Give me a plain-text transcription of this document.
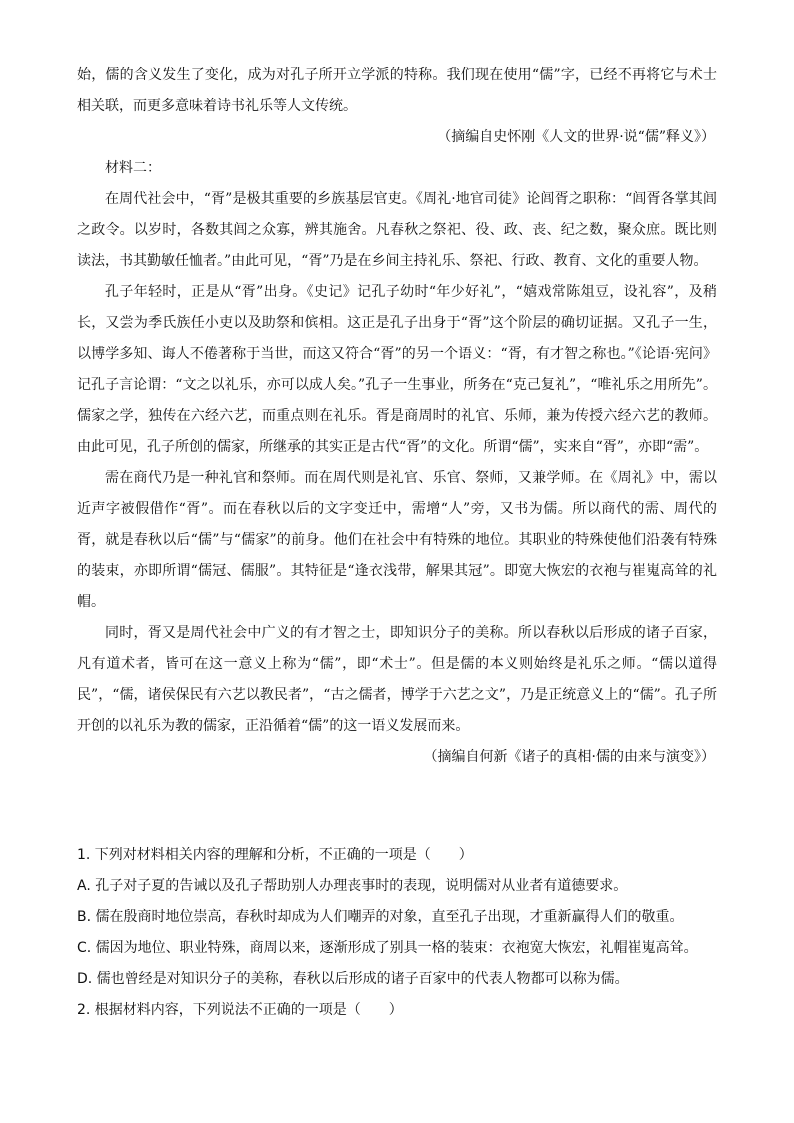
始，儒的含义发生了变化，成为对孔子所开立学派的特称。我们现在使用“儒”字，已经不再将它与术士相关联，而更多意味着诗书礼乐等人文传统。

（摘编自史怀刚《人文的世界·说“儒”释义》）

材料二：

在周代社会中，“胥”是极其重要的乡族基层官吏。《周礼·地官司徒》论闾胥之职称：“闾胥各掌其闾之政令。以岁时，各数其闾之众寡，辨其施舍。凡春秋之祭祀、役、政、丧、纪之数，聚众庶。既比则读法，书其勤敏任恤者。”由此可见，“胥”乃是在乡间主持礼乐、祭祀、行政、教育、文化的重要人物。

孔子年轻时，正是从“胥”出身。《史记》记孔子幼时“年少好礼”，“嬉戏常陈俎豆，设礼容”，及稍长，又尝为季氏族任小吏以及助祭和傧相。这正是孔子出身于“胥”这个阶层的确切证据。又孔子一生，以博学多知、诲人不倦著称于当世，而这又符合“胥”的另一个语义：“胥，有才智之称也。”《论语·宪问》记孔子言论谓：“文之以礼乐，亦可以成人矣。”孔子一生事业，所务在“克己复礼”，“唯礼乐之用所先”。儒家之学，独传在六经六艺，而重点则在礼乐。胥是商周时的礼官、乐师，兼为传授六经六艺的教师。由此可见，孔子所创的儒家，所继承的其实正是古代“胥”的文化。所谓“儒”，实来自“胥”，亦即“需”。

需在商代乃是一种礼官和祭师。而在周代则是礼官、乐官、祭师，又兼学师。在《周礼》中，需以近声字被假借作“胥”。而在春秋以后的文字变迁中，需增“人”旁，又书为儒。所以商代的需、周代的胥，就是春秋以后“儒”与“儒家”的前身。他们在社会中有特殊的地位。其职业的特殊使他们沿袭有特殊的装束，亦即所谓“儒冠、儒服”。其特征是“逢衣浅带，解果其冠”。即宽大恢宏的衣袍与崔嵬高耸的礼帽。

同时，胥又是周代社会中广义的有才智之士，即知识分子的美称。所以春秋以后形成的诸子百家，凡有道术者，皆可在这一意义上称为“儒”，即“术士”。但是儒的本义则始终是礼乐之师。“儒以道得民”，“儒，诸侯保民有六艺以教民者”，“古之儒者，博学于六艺之文”，乃是正统意义上的“儒”。孔子所开创的以礼乐为教的儒家，正沿循着“儒”的这一语义发展而来。

（摘编自何新《诸子的真相·儒的由来与演变》）

1. 下列对材料相关内容的理解和分析，不正确的一项是（　　）

A. 孔子对子夏的告诫以及孔子帮助别人办理丧事时的表现，说明儒对从业者有道德要求。

B. 儒在殷商时地位崇高，春秋时却成为人们嘲弄的对象，直至孔子出现，才重新赢得人们的敬重。

C. 儒因为地位、职业特殊，商周以来，逐渐形成了别具一格的装束：衣袍宽大恢宏，礼帽崔嵬高耸。

D. 儒也曾经是对知识分子的美称，春秋以后形成的诸子百家中的代表人物都可以称为儒。

2. 根据材料内容，下列说法不正确的一项是（　　）
